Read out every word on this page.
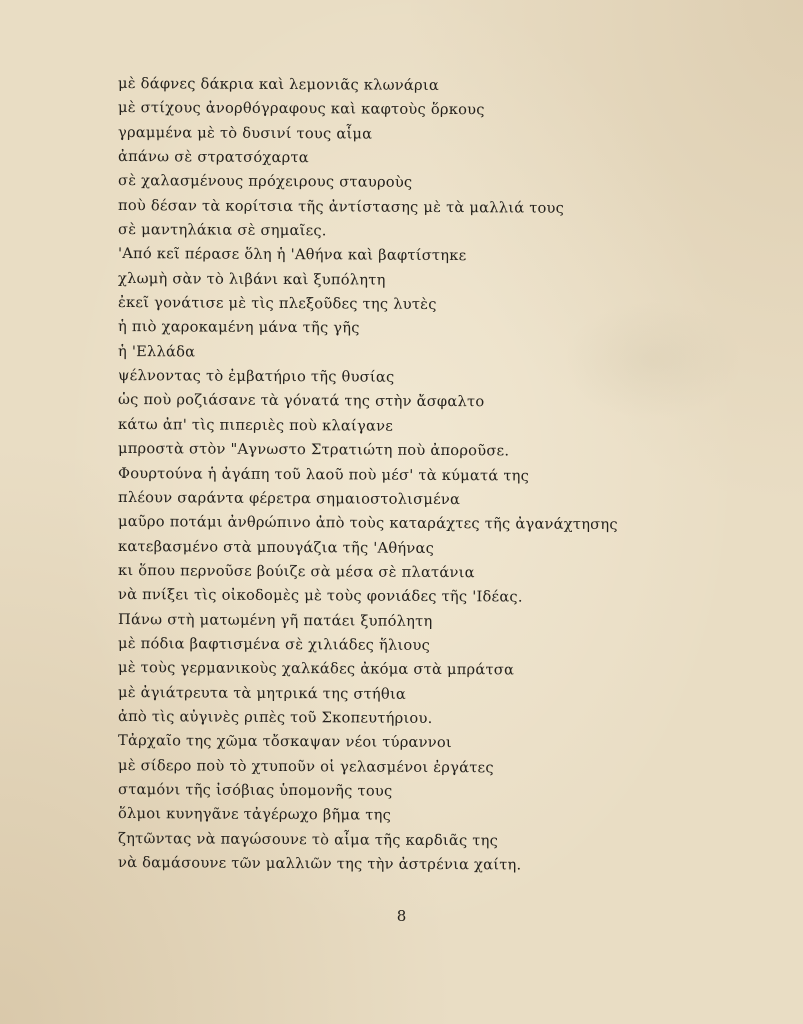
μὲ δάφνες δάκρια καὶ λεμονιᾶς κλωνάρια
μὲ στίχους ἀνορθόγραφους καὶ καφτοὺς ὅρκους
γραμμένα μὲ τὸ δυσινί τους αἷμα
ἀπάνω σὲ στρατσόχαρτα
σὲ χαλασμένους πρόχειρους σταυροὺς
ποὺ δέσαν τὰ κορίτσια τῆς ἀντίστασης μὲ τὰ μαλλιά τους
σὲ μαντηλάκια σὲ σημαῖες.
'Από κεῖ πέρασε ὅλη ἡ 'Αθήνα καὶ βαφτίστηκε
χλωμὴ σὰν τὸ λιβάνι καὶ ξυπόλητη
ἐκεῖ γονάτισε μὲ τὶς πλεξοῦδες της λυτὲς
ἡ πιὸ χαροκαμένη μάνα τῆς γῆς
ἡ 'Ελλάδα
ψέλνοντας τὸ ἐμβατήριο τῆς θυσίας
ὡς ποὺ ροζιάσανε τὰ γόνατά της στὴν ἄσφαλτο
κάτω ἀπ' τὶς πιπεριὲς ποὺ κλαίγανε
μπροστὰ στὸν "Αγνωστο Στρατιώτη ποὺ ἀποροῦσε.
Φουρτούνα ἡ ἀγάπη τοῦ λαοῦ ποὺ μέσ' τὰ κύματά της
πλέουν σαράντα φέρετρα σημαιοστολισμένα
μαῦρο ποτάμι ἀνθρώπινο ἀπὸ τοὺς καταράχτες τῆς ἀγανάχτησης
κατεβασμένο στὰ μπουγάζια τῆς 'Αθήνας
κι ὅπου περνοῦσε βούιζε σὰ μέσα σὲ πλατάνια
νὰ πνίξει τὶς οἰκοδομὲς μὲ τοὺς φονιάδες τῆς 'Ιδέας.
Πάνω στὴ ματωμένη γῆ πατάει ξυπόλητη
μὲ πόδια βαφτισμένα σὲ χιλιάδες ἥλιους
μὲ τοὺς γερμανικοὺς χαλκάδες ἀκόμα στὰ μπράτσα
μὲ ἀγιάτρευτα τὰ μητρικά της στήθια
ἀπὸ τὶς αὐγινὲς ριπὲς τοῦ Σκοπευτήριου.
Τἀρχαῖο της χῶμα τὄσκαψαν νέοι τύραννοι
μὲ σίδερο ποὺ τὸ χτυποῦν οἱ γελασμένοι ἐργάτες
σταμόνι τῆς ἰσόβιας ὑπομονῆς τους
ὅλμοι κυνηγᾶνε τἀγέρωχο βῆμα της
ζητῶντας νὰ παγώσουνε τὸ αἷμα τῆς καρδιᾶς της
νὰ δαμάσουνε τῶν μαλλιῶν της τὴν ἀστρένια χαίτη.
8
